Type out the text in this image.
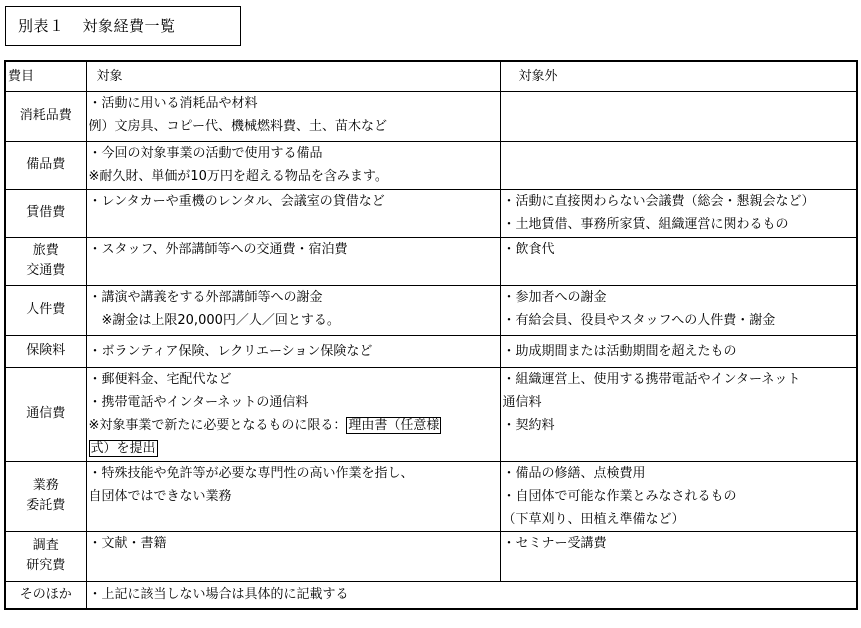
別表１ 対象経費一覧
費目	対象	対象外

消耗品費	・活動に用いる消耗品や材料
例）文房具、コピー代、機械燃料費、土、苗木など	

備品費	・今回の対象事業の活動で使用する備品
※耐久財、単価が10万円を超える物品を含みます。	

賃借費	・レンタカーや重機のレンタル、会議室の貸借など	・活動に直接関わらない会議費（総会・懇親会など）
・土地賃借、事務所家賃、組織運営に関わるもの

旅費
交通費	・スタッフ、外部講師等への交通費・宿泊費	・飲食代

人件費	・講演や講義をする外部講師等への謝金
　※謝金は上限20,000円／人／回とする。	・参加者への謝金
・有給会員、役員やスタッフへの人件費・謝金

保険料	・ボランティア保険、レクリエーション保険など	・助成期間または活動期間を超えたもの

通信費	・郵便料金、宅配代など
・携帯電話やインターネットの通信料
※対象事業で新たに必要となるものに限る： 理由書（任意様
式）を提出	・組織運営上、使用する携帯電話やインターネット
通信料
・契約料

業務
委託費	・特殊技能や免許等が必要な専門性の高い作業を指し、
自団体ではできない業務	・備品の修繕、点検費用
・自団体で可能な作業とみなされるもの
（下草刈り、田植え準備など）

調査
研究費	・文献・書籍	・セミナー受講費

そのほか	・上記に該当しない場合は具体的に記載する	
